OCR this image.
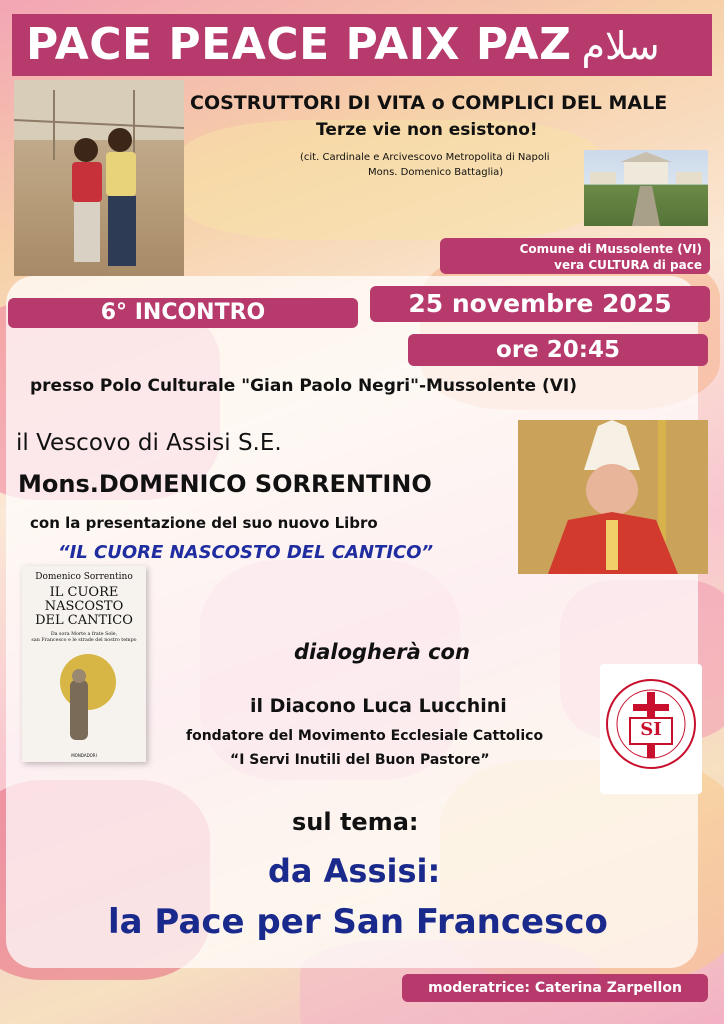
PACE PEACE PAIX PAZ سلام
COSTRUTTORI DI VITA o COMPLICI DEL MALE
Terze vie non esistono!
(cit. Cardinale e Arcivescovo Metropolita di Napoli
Mons. Domenico Battaglia)
Comune di Mussolente (VI)
vera CULTURA di pace
6° INCONTRO	25 novembre 2025
ore 20:45
presso Polo Culturale "Gian Paolo Negri"-Mussolente (VI)
il Vescovo di Assisi S.E.
Mons.DOMENICO SORRENTINO
con la presentazione del suo nuovo Libro
“IL CUORE NASCOSTO DEL CANTICO”
Domenico Sorrentino
IL CUORE
NASCOSTO
DEL CANTICO
Da sora Morte a frate Sole,
san Francesco e le strade del nostro tempo
MONDADORI
dialogherà con
il Diacono Luca Lucchini
fondatore del Movimento Ecclesiale Cattolico
“I Servi Inutili del Buon Pastore”
SI
sul tema:
da Assisi:
la Pace per San Francesco
moderatrice: Caterina Zarpellon
